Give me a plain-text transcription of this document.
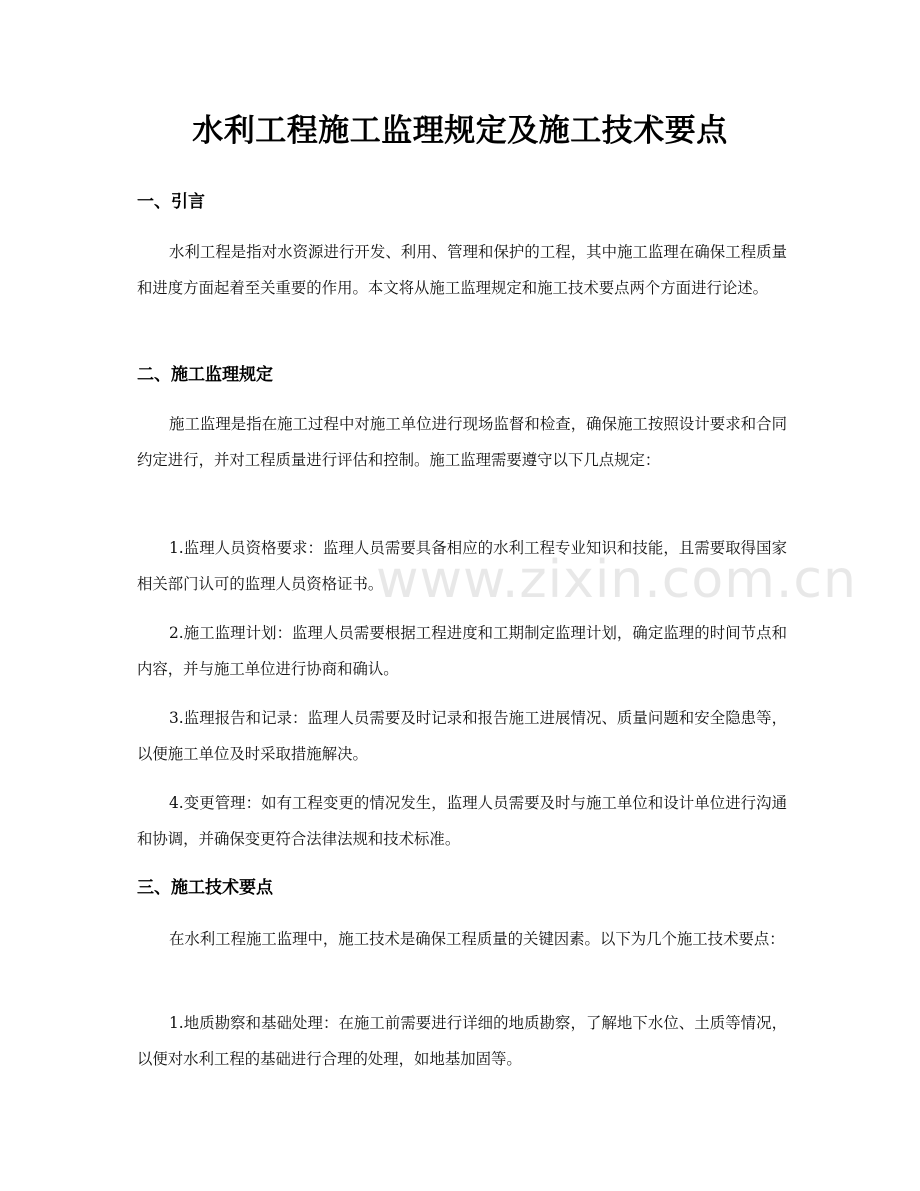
水利工程施工监理规定及施工技术要点
一、引言
水利工程是指对水资源进行开发、利用、管理和保护的工程，其中施工监理在确保工程质量和进度方面起着至关重要的作用。本文将从施工监理规定和施工技术要点两个方面进行论述。
二、施工监理规定
施工监理是指在施工过程中对施工单位进行现场监督和检查，确保施工按照设计要求和合同约定进行，并对工程质量进行评估和控制。施工监理需要遵守以下几点规定：
1.监理人员资格要求：监理人员需要具备相应的水利工程专业知识和技能，且需要取得国家相关部门认可的监理人员资格证书。
2.施工监理计划：监理人员需要根据工程进度和工期制定监理计划，确定监理的时间节点和内容，并与施工单位进行协商和确认。
3.监理报告和记录：监理人员需要及时记录和报告施工进展情况、质量问题和安全隐患等，以便施工单位及时采取措施解决。
4.变更管理：如有工程变更的情况发生，监理人员需要及时与施工单位和设计单位进行沟通和协调，并确保变更符合法律法规和技术标准。
三、施工技术要点
在水利工程施工监理中，施工技术是确保工程质量的关键因素。以下为几个施工技术要点：
1.地质勘察和基础处理：在施工前需要进行详细的地质勘察，了解地下水位、土质等情况，以便对水利工程的基础进行合理的处理，如地基加固等。
www.zixin.com.cn
